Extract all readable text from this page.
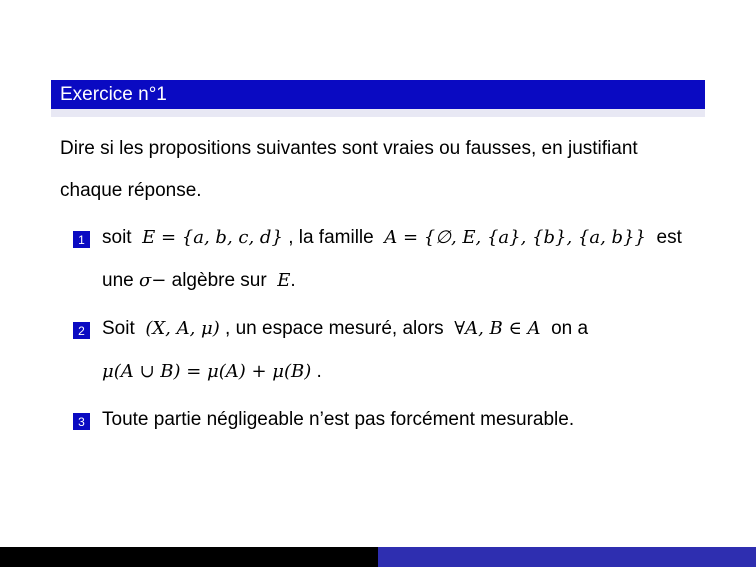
Exercice n°1
Dire si les propositions suivantes sont vraies ou fausses, en justifiant
chaque réponse.
1 soit E = {a, b, c, d} , la famille A = {∅, E, {a}, {b}, {a, b}} est
une σ− algèbre sur E.
2 Soit (X, A, μ) , un espace mesuré, alors ∀A, B ∈ A on a
μ(A ∪ B) = μ(A) + μ(B) .
3 Toute partie négligeable n’est pas forcément mesurable.
